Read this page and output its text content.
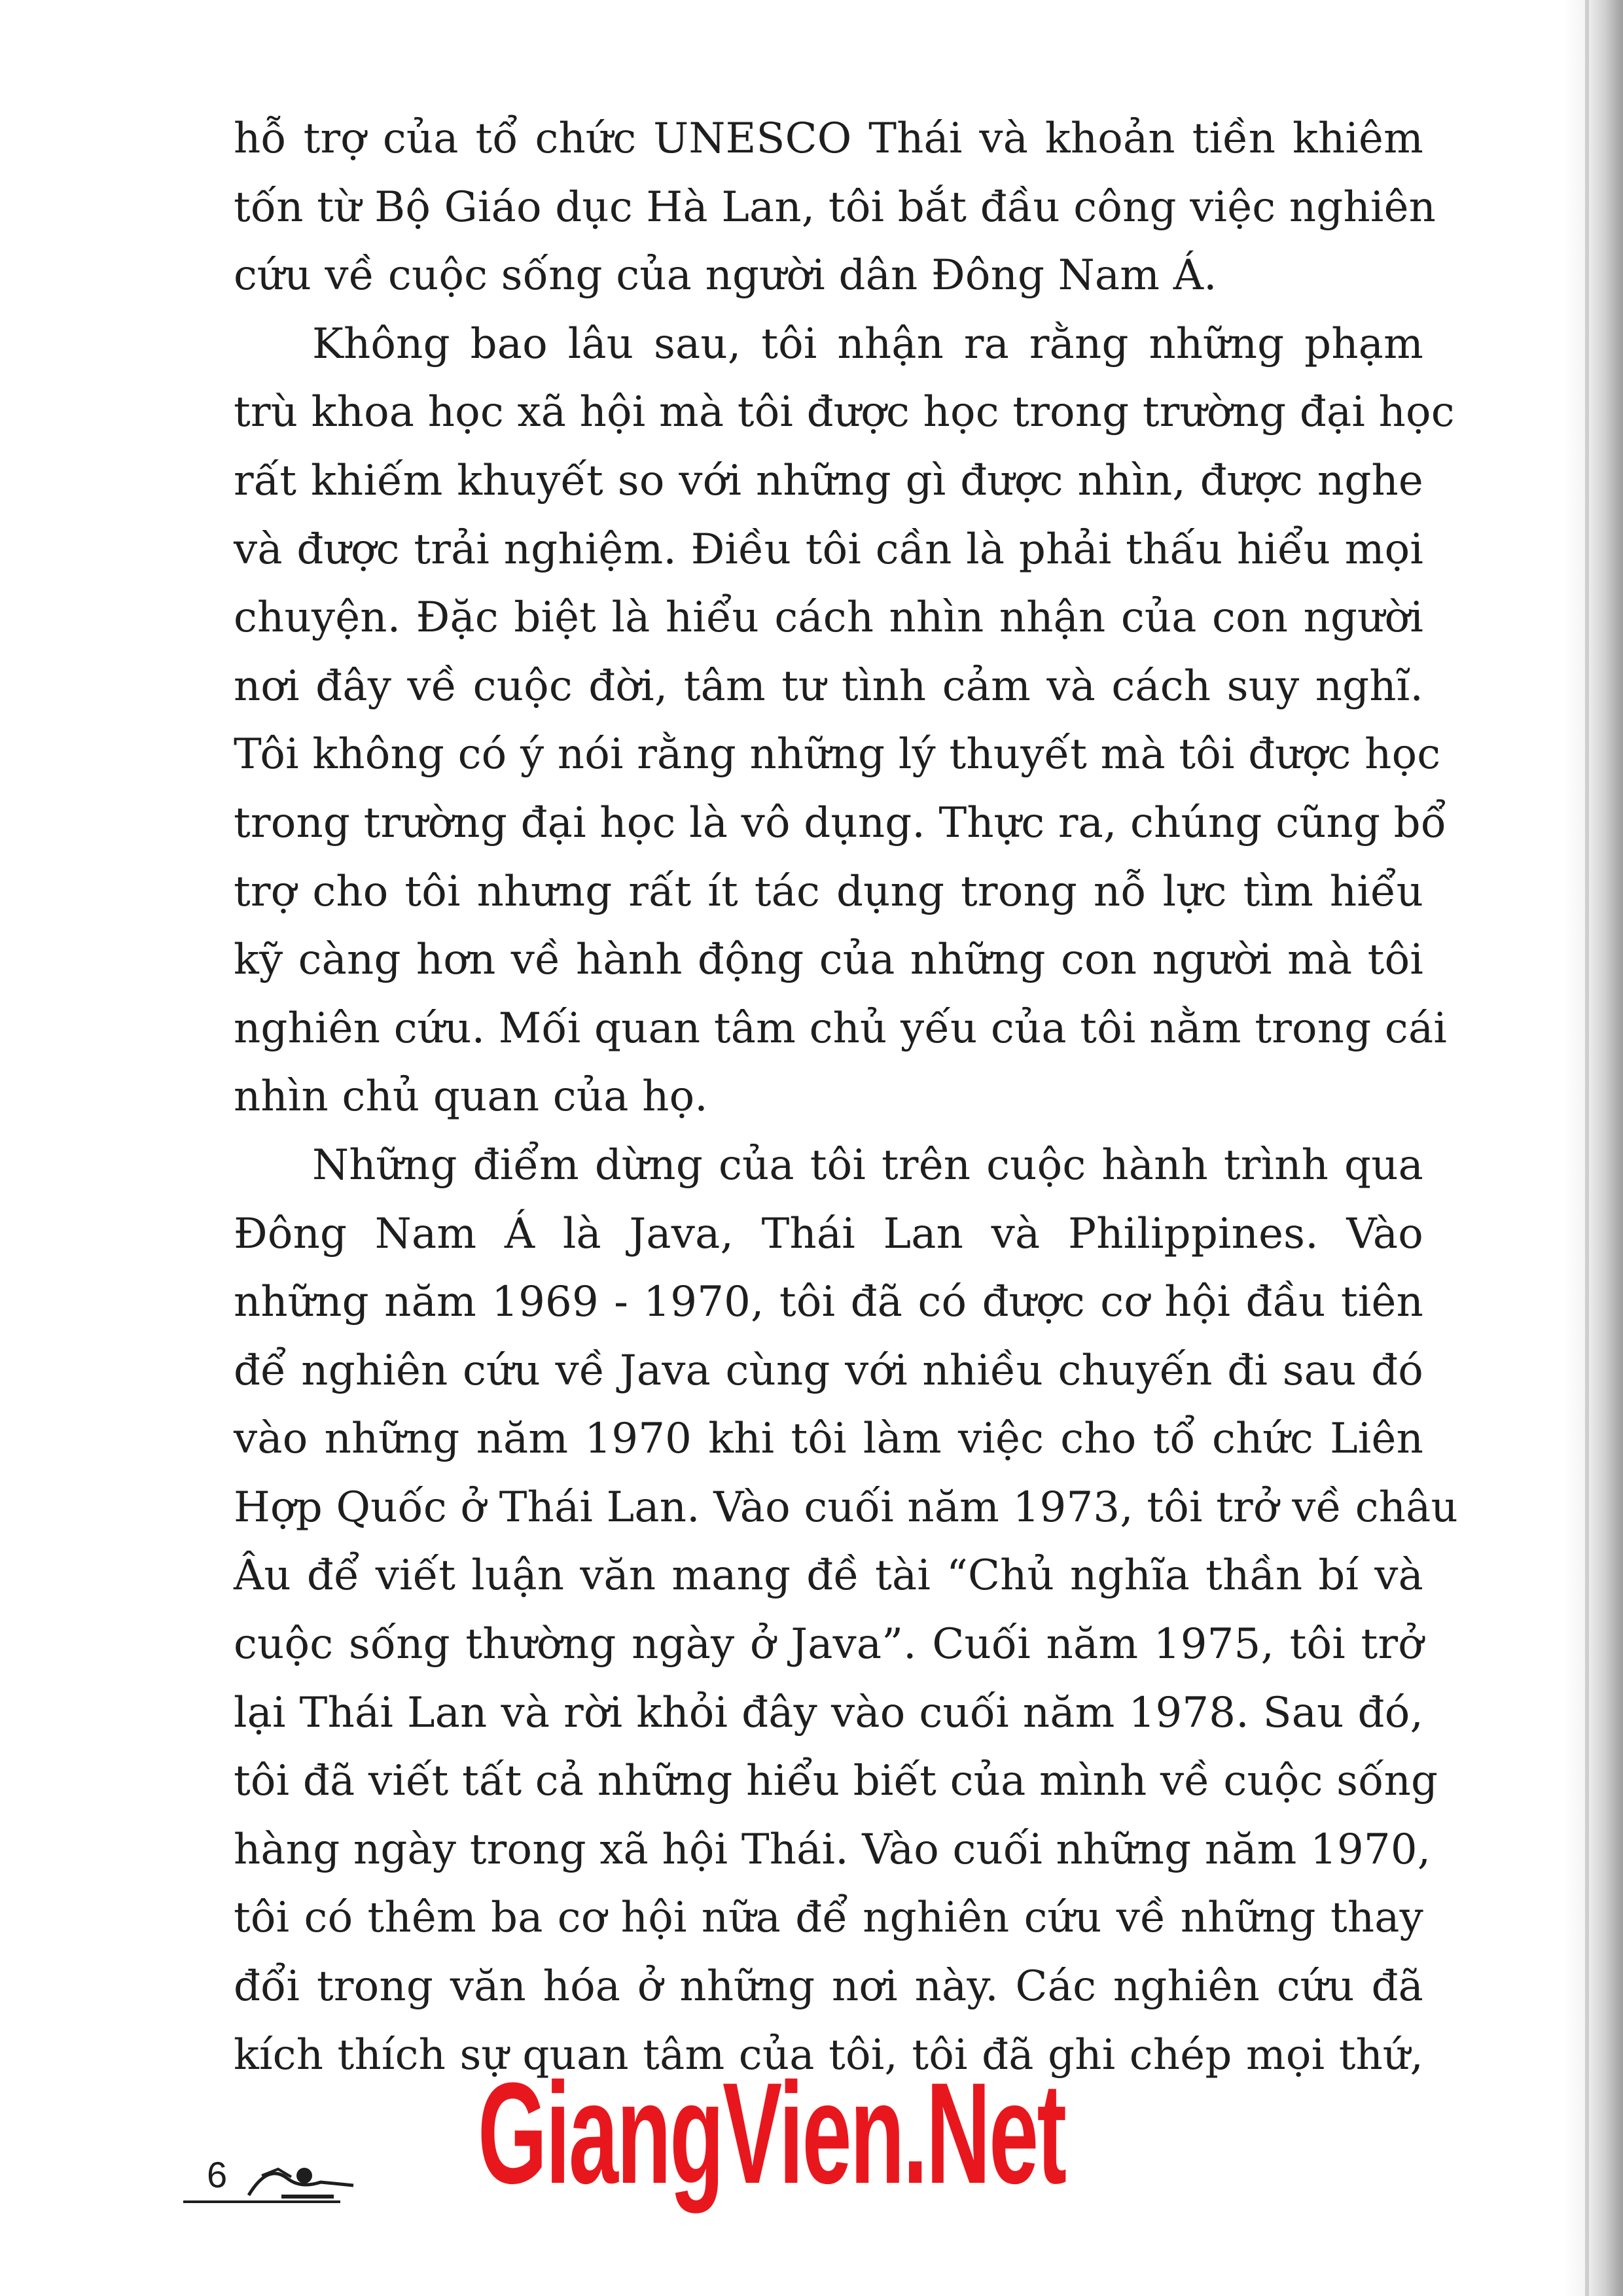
hỗ trợ của tổ chức UNESCO Thái và khoản tiền khiêm
tốn từ Bộ Giáo dục Hà Lan, tôi bắt đầu công việc nghiên
cứu về cuộc sống của người dân Đông Nam Á.
Không bao lâu sau, tôi nhận ra rằng những phạm
trù khoa học xã hội mà tôi được học trong trường đại học
rất khiếm khuyết so với những gì được nhìn, được nghe
và được trải nghiệm. Điều tôi cần là phải thấu hiểu mọi
chuyện. Đặc biệt là hiểu cách nhìn nhận của con người
nơi đây về cuộc đời, tâm tư tình cảm và cách suy nghĩ.
Tôi không có ý nói rằng những lý thuyết mà tôi được học
trong trường đại học là vô dụng. Thực ra, chúng cũng bổ
trợ cho tôi nhưng rất ít tác dụng trong nỗ lực tìm hiểu
kỹ càng hơn về hành động của những con người mà tôi
nghiên cứu. Mối quan tâm chủ yếu của tôi nằm trong cái
nhìn chủ quan của họ.
Những điểm dừng của tôi trên cuộc hành trình qua
Đông Nam Á là Java, Thái Lan và Philippines. Vào
những năm 1969 - 1970, tôi đã có được cơ hội đầu tiên
để nghiên cứu về Java cùng với nhiều chuyến đi sau đó
vào những năm 1970 khi tôi làm việc cho tổ chức Liên
Hợp Quốc ở Thái Lan. Vào cuối năm 1973, tôi trở về châu
Âu để viết luận văn mang đề tài “Chủ nghĩa thần bí và
cuộc sống thường ngày ở Java”. Cuối năm 1975, tôi trở
lại Thái Lan và rời khỏi đây vào cuối năm 1978. Sau đó,
tôi đã viết tất cả những hiểu biết của mình về cuộc sống
hàng ngày trong xã hội Thái. Vào cuối những năm 1970,
tôi có thêm ba cơ hội nữa để nghiên cứu về những thay
đổi trong văn hóa ở những nơi này. Các nghiên cứu đã
kích thích sự quan tâm của tôi, tôi đã ghi chép mọi thứ,
6 GiangVien.Net
